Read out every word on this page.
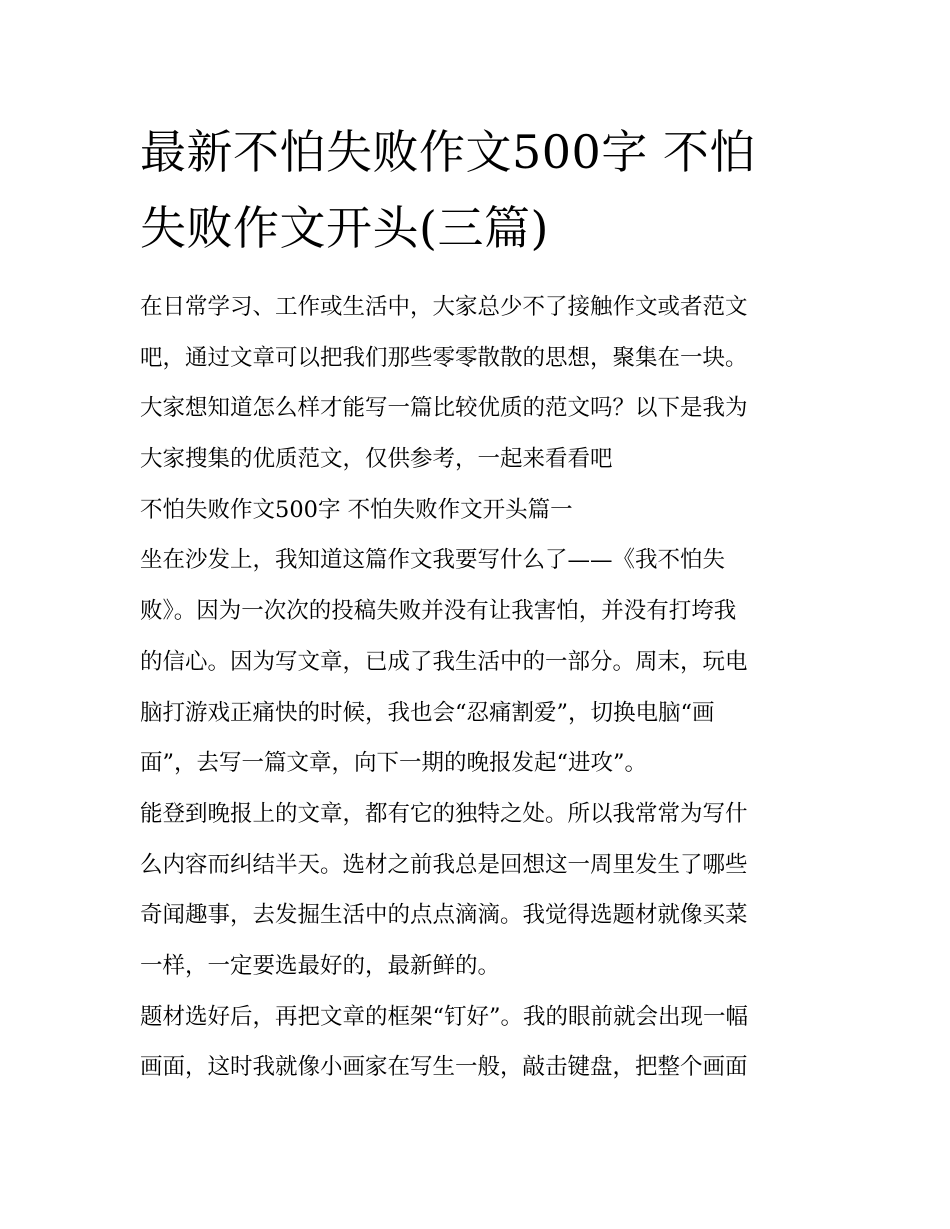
最新不怕失败作文500字 不怕
失败作文开头(三篇)
在日常学习、工作或生活中，大家总少不了接触作文或者范文
吧，通过文章可以把我们那些零零散散的思想，聚集在一块。
大家想知道怎么样才能写一篇比较优质的范文吗？以下是我为
大家搜集的优质范文，仅供参考，一起来看看吧
不怕失败作文500字 不怕失败作文开头篇一
坐在沙发上，我知道这篇作文我要写什么了——《我不怕失
败》。因为一次次的投稿失败并没有让我害怕，并没有打垮我
的信心。因为写文章，已成了我生活中的一部分。周末，玩电
脑打游戏正痛快的时候，我也会“忍痛割爱”，切换电脑“画
面”，去写一篇文章，向下一期的晚报发起“进攻”。
能登到晚报上的文章，都有它的独特之处。所以我常常为写什
么内容而纠结半天。选材之前我总是回想这一周里发生了哪些
奇闻趣事，去发掘生活中的点点滴滴。我觉得选题材就像买菜
一样，一定要选最好的，最新鲜的。
题材选好后，再把文章的框架“钉好”。我的眼前就会出现一幅
画面，这时我就像小画家在写生一般，敲击键盘，把整个画面
